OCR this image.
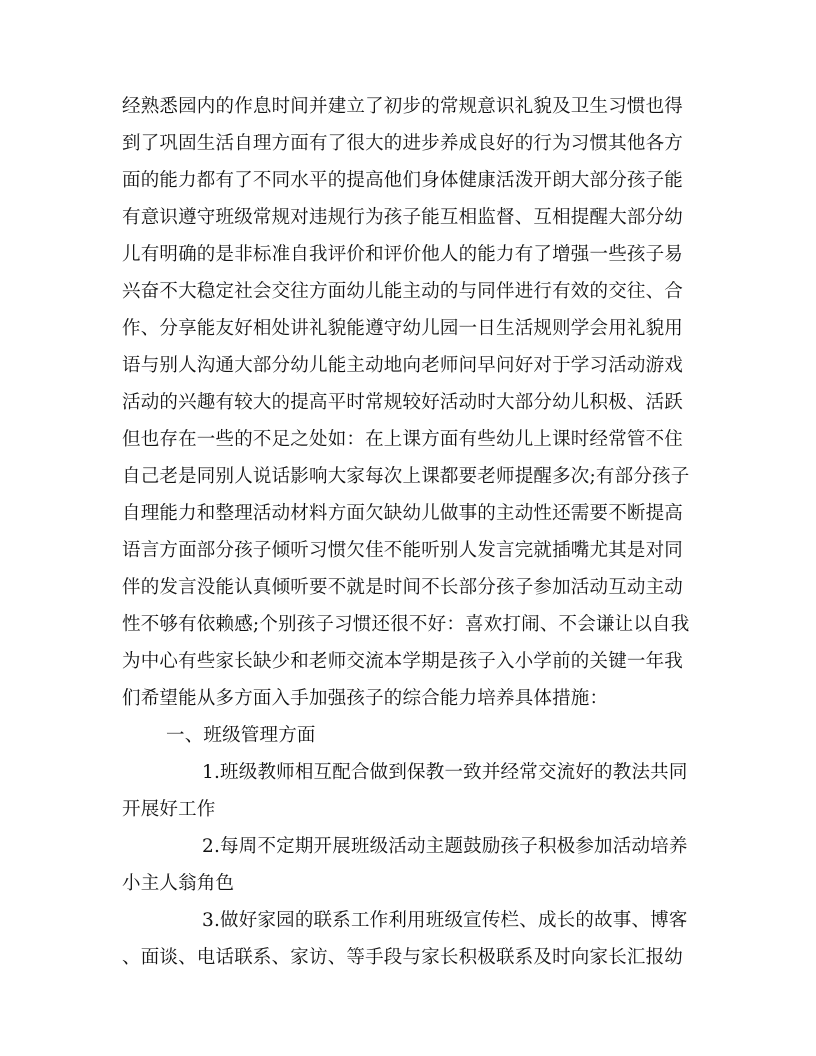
经熟悉园内的作息时间并建立了初步的常规意识礼貌及卫生习惯也得
到了巩固生活自理方面有了很大的进步养成良好的行为习惯其他各方
面的能力都有了不同水平的提高他们身体健康活泼开朗大部分孩子能
有意识遵守班级常规对违规行为孩子能互相监督、互相提醒大部分幼
儿有明确的是非标准自我评价和评价他人的能力有了增强一些孩子易
兴奋不大稳定社会交往方面幼儿能主动的与同伴进行有效的交往、合
作、分享能友好相处讲礼貌能遵守幼儿园一日生活规则学会用礼貌用
语与别人沟通大部分幼儿能主动地向老师问早问好对于学习活动游戏
活动的兴趣有较大的提高平时常规较好活动时大部分幼儿积极、活跃
但也存在一些的不足之处如：在上课方面有些幼儿上课时经常管不住
自己老是同别人说话影响大家每次上课都要老师提醒多次;有部分孩子
自理能力和整理活动材料方面欠缺幼儿做事的主动性还需要不断提高
语言方面部分孩子倾听习惯欠佳不能听别人发言完就插嘴尤其是对同
伴的发言没能认真倾听要不就是时间不长部分孩子参加活动互动主动
性不够有依赖感;个别孩子习惯还很不好：喜欢打闹、不会谦让以自我
为中心有些家长缺少和老师交流本学期是孩子入小学前的关键一年我
们希望能从多方面入手加强孩子的综合能力培养具体措施：
一、班级管理方面
1.班级教师相互配合做到保教一致并经常交流好的教法共同
开展好工作
2.每周不定期开展班级活动主题鼓励孩子积极参加活动培养
小主人翁角色
3.做好家园的联系工作利用班级宣传栏、成长的故事、博客
、面谈、电话联系、家访、等手段与家长积极联系及时向家长汇报幼
